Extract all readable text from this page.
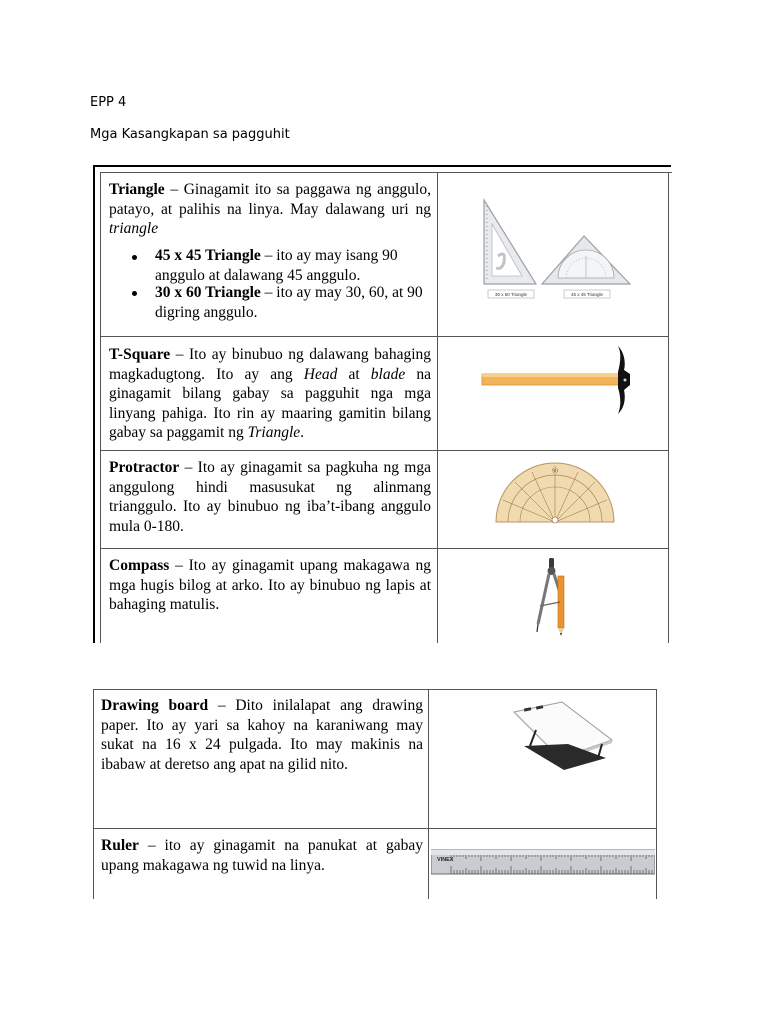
EPP 4
Mga Kasangkapan sa pagguhit
Triangle – Ginagamit ito sa paggawa ng anggulo, patayo, at palihis na linya. May dalawang uri ng triangle
45 x 45 Triangle – ito ay may isang 90 anggulo at dalawang 45 anggulo.
30 x 60 Triangle – ito ay may 30, 60, at 90 digring anggulo.
30 x 60 Triangle	45 x 45 Triangle
T-Square – Ito ay binubuo ng dalawang bahaging magkadugtong. Ito ay ang Head at blade na ginagamit bilang gabay sa pagguhit nga mga linyang pahiga. Ito rin ay maaring gamitin bilang gabay sa paggamit ng Triangle.
Protractor – Ito ay ginagamit sa pagkuha ng mga anggulong hindi masusukat ng alinmang trianggulo. Ito ay binubuo ng iba’t-ibang anggulo mula 0-180.
90
Compass – Ito ay ginagamit upang makagawa ng mga hugis bilog at arko. Ito ay binubuo ng lapis at bahaging matulis.
Drawing board – Dito inilalapat ang drawing paper. Ito ay yari sa kahoy na karaniwang may sukat na 16 x 24 pulgada. Ito may makinis na ibabaw at deretso ang apat na gilid nito.
Ruler – ito ay ginagamit na panukat at gabay upang makagawa ng tuwid na linya.	VINEX
